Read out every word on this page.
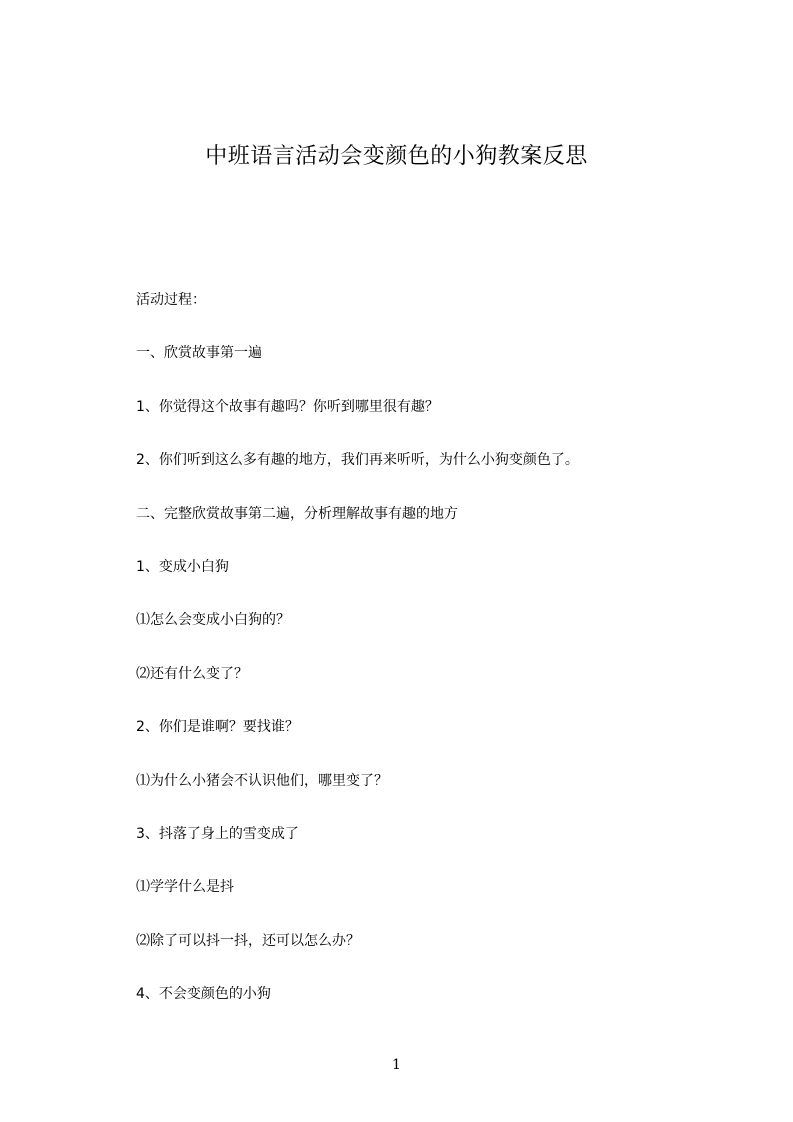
中班语言活动会变颜色的小狗教案反思
活动过程：
一、欣赏故事第一遍
1、你觉得这个故事有趣吗？你听到哪里很有趣？
2、你们听到这么多有趣的地方，我们再来听听，为什么小狗变颜色了。
二、完整欣赏故事第二遍，分析理解故事有趣的地方
1、变成小白狗
⑴怎么会变成小白狗的？
⑵还有什么变了？
2、你们是谁啊？要找谁？
⑴为什么小猪会不认识他们，哪里变了？
3、抖落了身上的雪变成了
⑴学学什么是抖
⑵除了可以抖一抖，还可以怎么办？
4、不会变颜色的小狗
1
